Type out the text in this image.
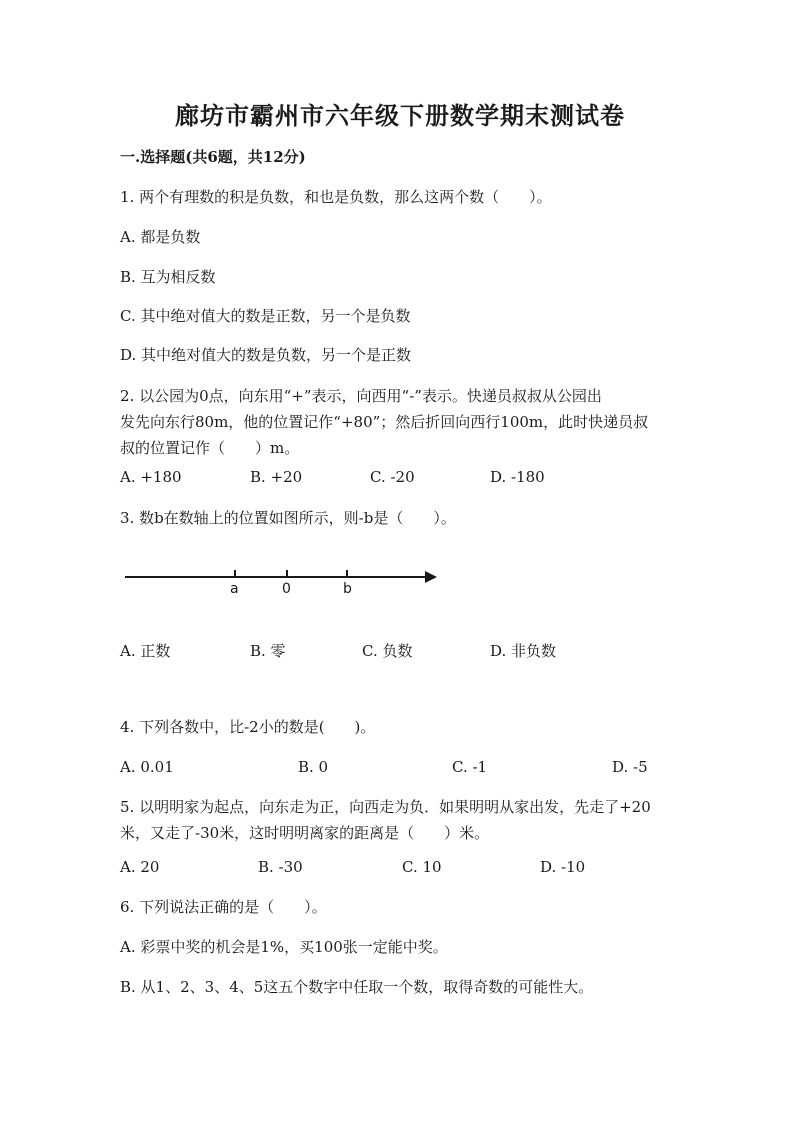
廊坊市霸州市六年级下册数学期末测试卷
一.选择题(共6题，共12分)
1. 两个有理数的积是负数，和也是负数，那么这两个数（　　）。
A. 都是负数
B. 互为相反数
C. 其中绝对值大的数是正数，另一个是负数
D. 其中绝对值大的数是负数，另一个是正数
2. 以公园为0点，向东用“+”表示，向西用“-”表示。快递员叔叔从公园出
发先向东行80m，他的位置记作“+80”；然后折回向西行100m，此时快递员叔
叔的位置记作（　　）m。
A. +180	B. +20	C. -20	D. -180
3. 数b在数轴上的位置如图所示，则-b是（　　）。
a	0	b
A. 正数	B. 零	C. 负数	D. 非负数
4. 下列各数中，比-2小的数是(　　)。
A. 0.01	B. 0	C. -1	D. -5
5. 以明明家为起点，向东走为正，向西走为负．如果明明从家出发，先走了+20
米，又走了-30米，这时明明离家的距离是（　　）米。
A. 20	B. -30	C. 10	D. -10
6. 下列说法正确的是（　　）。
A. 彩票中奖的机会是1%，买100张一定能中奖。
B. 从1、2、3、4、5这五个数字中任取一个数，取得奇数的可能性大。
